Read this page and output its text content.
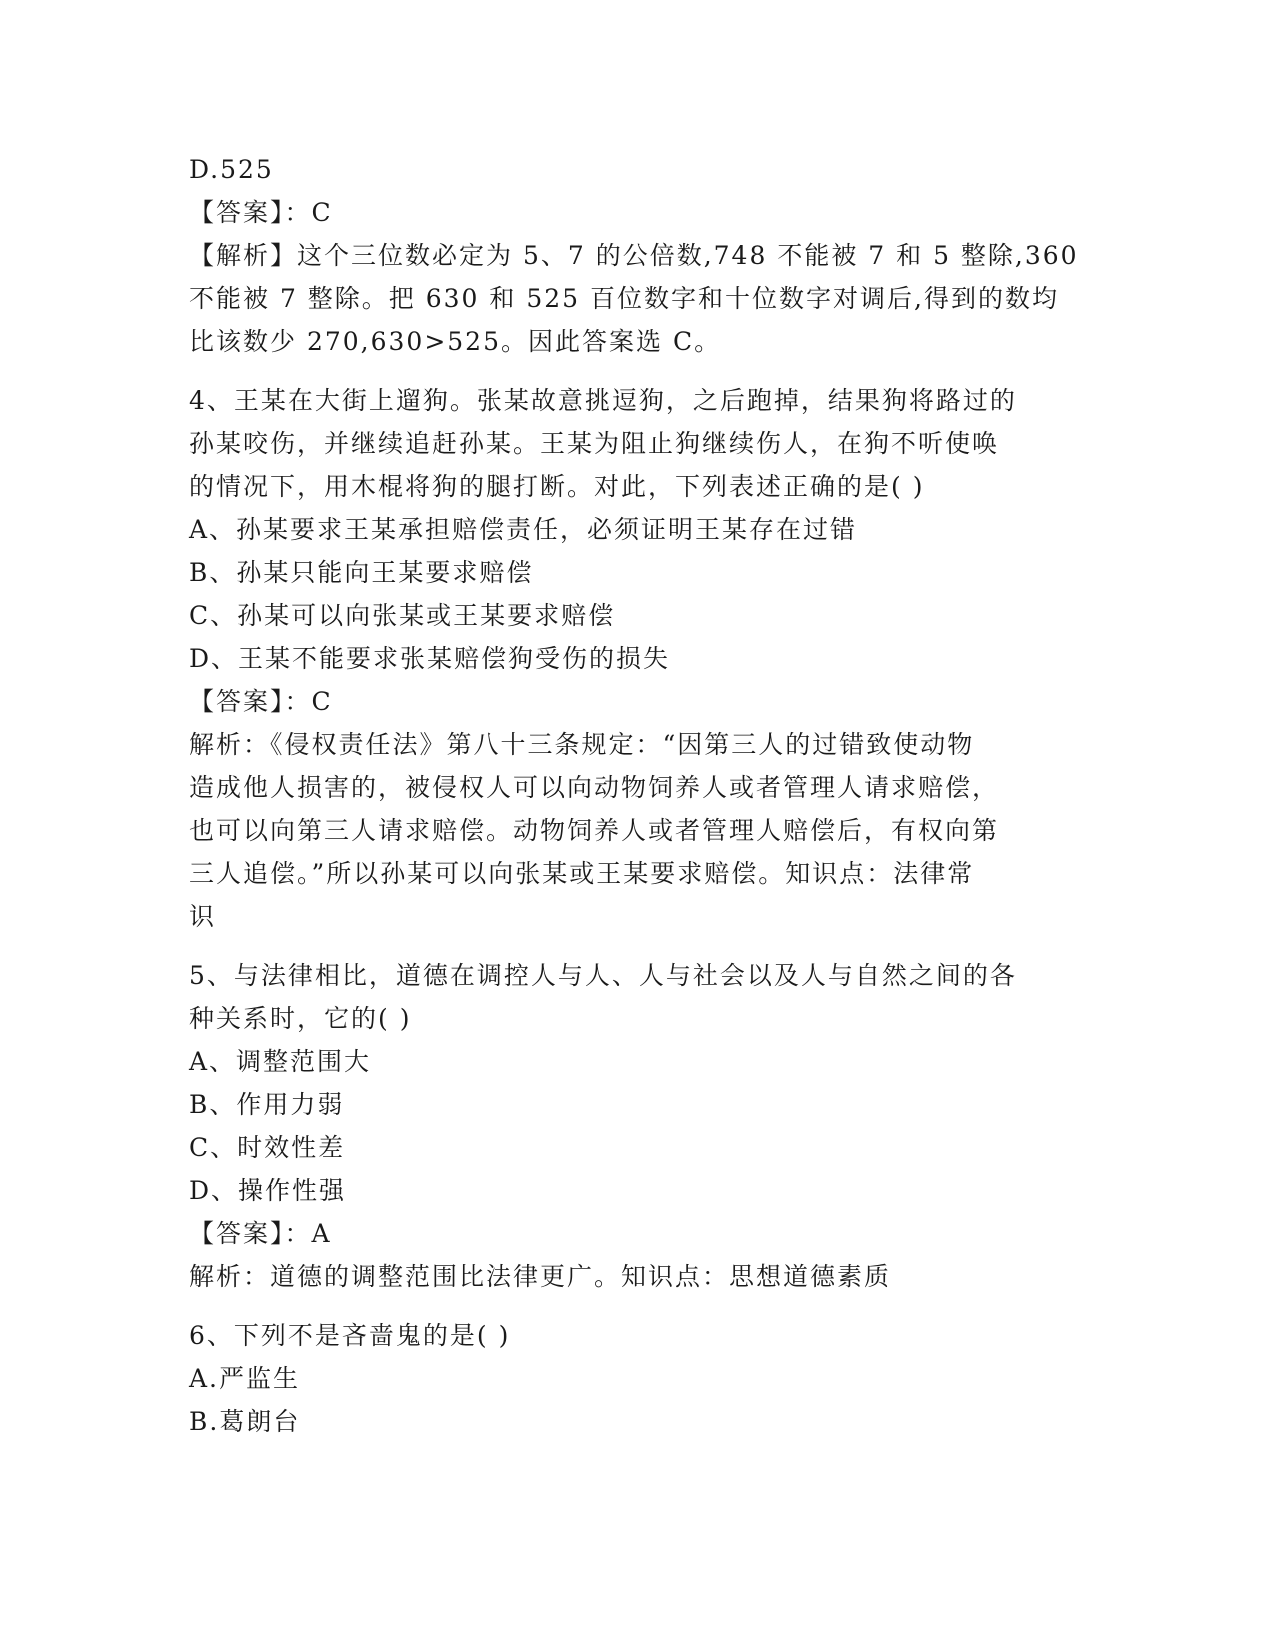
D.525
【答案】：C
【解析】这个三位数必定为 5、7 的公倍数,748 不能被 7 和 5 整除,360
不能被 7 整除。把 630 和 525 百位数字和十位数字对调后,得到的数均
比该数少 270,630>525。因此答案选 C。
4、王某在大街上遛狗。张某故意挑逗狗，之后跑掉，结果狗将路过的
孙某咬伤，并继续追赶孙某。王某为阻止狗继续伤人，在狗不听使唤
的情况下，用木棍将狗的腿打断。对此，下列表述正确的是( )
A、孙某要求王某承担赔偿责任，必须证明王某存在过错
B、孙某只能向王某要求赔偿
C、孙某可以向张某或王某要求赔偿
D、王某不能要求张某赔偿狗受伤的损失
【答案】：C
解析：《侵权责任法》第八十三条规定：“因第三人的过错致使动物
造成他人损害的，被侵权人可以向动物饲养人或者管理人请求赔偿，
也可以向第三人请求赔偿。动物饲养人或者管理人赔偿后，有权向第
三人追偿。”所以孙某可以向张某或王某要求赔偿。知识点：法律常
识
5、与法律相比，道德在调控人与人、人与社会以及人与自然之间的各
种关系时，它的( )
A、调整范围大
B、作用力弱
C、时效性差
D、操作性强
【答案】：A
解析：道德的调整范围比法律更广。知识点：思想道德素质
6、下列不是吝啬鬼的是( )
A.严监生
B.葛朗台
